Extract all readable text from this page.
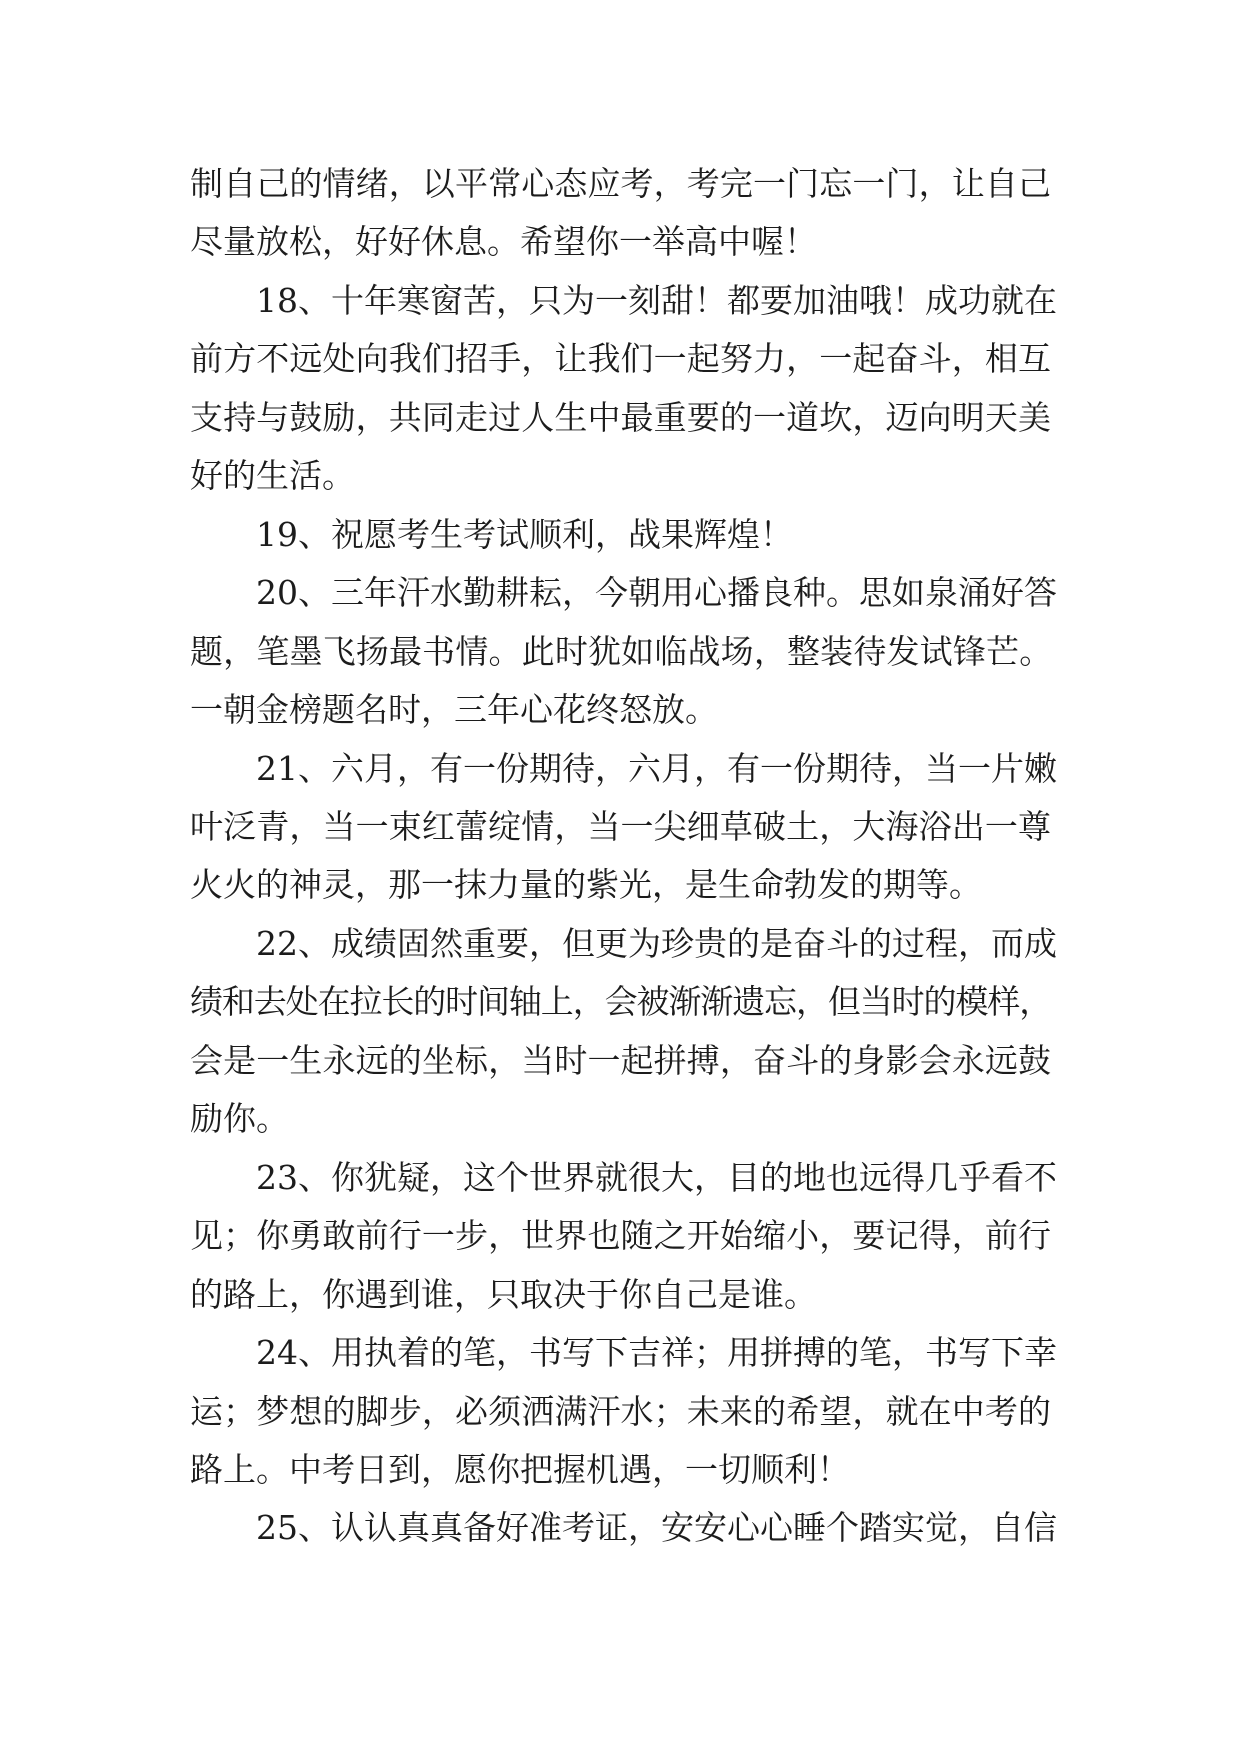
制自己的情绪，以平常心态应考，考完一门忘一门，让自己
尽量放松，好好休息。希望你一举高中喔！
18、十年寒窗苦，只为一刻甜！都要加油哦！成功就在
前方不远处向我们招手，让我们一起努力，一起奋斗，相互
支持与鼓励，共同走过人生中最重要的一道坎，迈向明天美
好的生活。
19、祝愿考生考试顺利，战果辉煌！
20、三年汗水勤耕耘，今朝用心播良种。思如泉涌好答
题，笔墨飞扬最书情。此时犹如临战场，整装待发试锋芒。
一朝金榜题名时，三年心花终怒放。
21、六月，有一份期待，六月，有一份期待，当一片嫩
叶泛青，当一束红蕾绽情，当一尖细草破土，大海浴出一尊
火火的神灵，那一抹力量的紫光，是生命勃发的期等。
22、成绩固然重要，但更为珍贵的是奋斗的过程，而成
绩和去处在拉长的时间轴上，会被渐渐遗忘，但当时的模样，
会是一生永远的坐标，当时一起拼搏，奋斗的身影会永远鼓
励你。
23、你犹疑，这个世界就很大，目的地也远得几乎看不
见；你勇敢前行一步，世界也随之开始缩小，要记得，前行
的路上，你遇到谁，只取决于你自己是谁。
24、用执着的笔，书写下吉祥；用拼搏的笔，书写下幸
运；梦想的脚步，必须洒满汗水；未来的希望，就在中考的
路上。中考日到，愿你把握机遇，一切顺利！
25、认认真真备好准考证，安安心心睡个踏实觉，自信
